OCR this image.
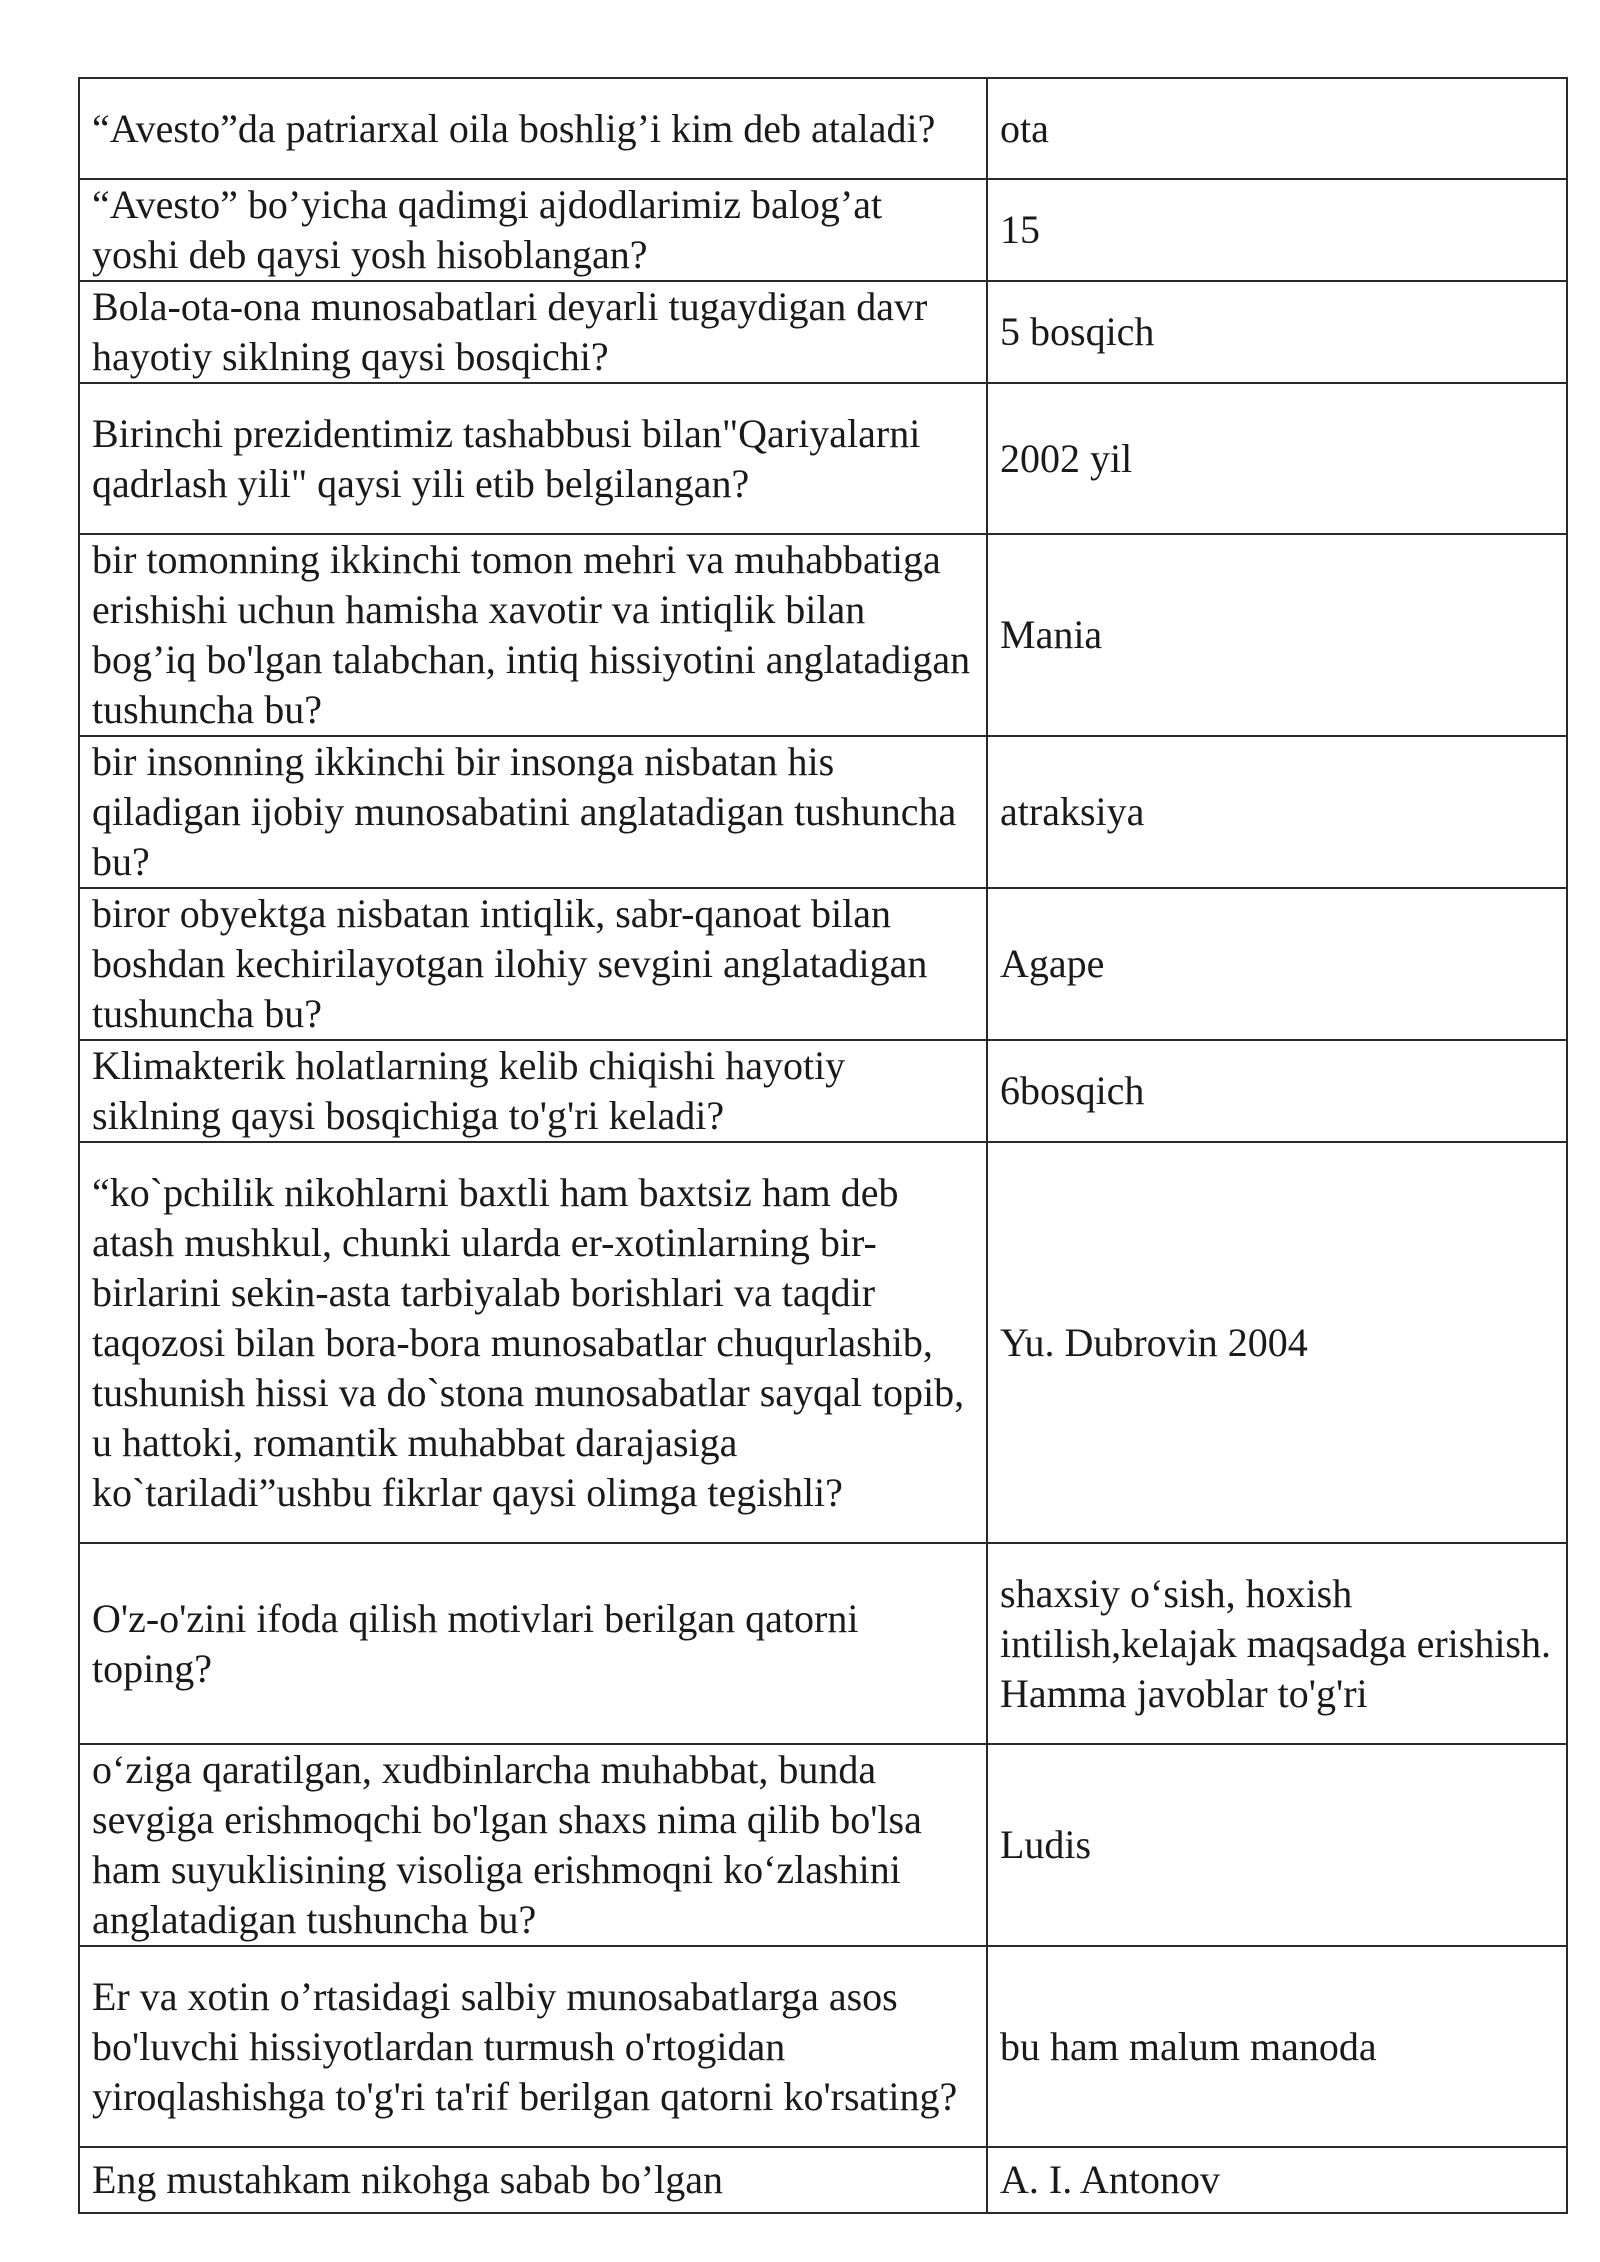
“Avesto”da patriarxal oila boshlig’i kim deb ataladi?	ota
“Avesto” bo’yicha qadimgi ajdodlarimiz balog’at yoshi deb qaysi yosh hisoblangan?	15
Bola-ota-ona munosabatlari deyarli tugaydigan davr hayotiy siklning qaysi bosqichi?	5 bosqich
Birinchi prezidentimiz tashabbusi bilan"Qariyalarni qadrlash yili" qaysi yili etib belgilangan?	2002 yil
bir tomonning ikkinchi tomon mehri va muhabbatiga erishishi uchun hamisha xavotir va intiqlik bilan bog’iq bo'lgan talabchan, intiq hissiyotini anglatadigan tushuncha bu?	Mania
bir insonning ikkinchi bir insonga nisbatan his qiladigan ijobiy munosabatini anglatadigan tushuncha bu?	atraksiya
biror obyektga nisbatan intiqlik, sabr-qanoat bilan boshdan kechirilayotgan ilohiy sevgini anglatadigan tushuncha bu?	Agape
Klimakterik holatlarning kelib chiqishi hayotiy siklning qaysi bosqichiga to'g'ri keladi?	6bosqich
“ko`pchilik nikohlarni baxtli ham baxtsiz ham deb atash mushkul, chunki ularda er-xotinlarning bir-birlarini sekin-asta tarbiyalab borishlari va taqdir taqozosi bilan bora-bora munosabatlar chuqurlashib, tushunish hissi va do`stona munosabatlar sayqal topib, u hattoki, romantik muhabbat darajasiga ko`tariladi”ushbu fikrlar qaysi olimga tegishli?	Yu. Dubrovin 2004
O'z-o'zini ifoda qilish motivlari berilgan qatorni toping?	shaxsiy o‘sish, hoxish intilish,kelajak maqsadga erishish. Hamma javoblar to'g'ri
o‘ziga qaratilgan, xudbinlarcha muhabbat, bunda sevgiga erishmoqchi bo'lgan shaxs nima qilib bo'lsa ham suyuklisining visoliga erishmoqni ko‘zlashini anglatadigan tushuncha bu?	Ludis
Er va xotin o’rtasidagi salbiy munosabatlarga asos bo'luvchi hissiyotlardan turmush o'rtogidan yiroqlashishga to'g'ri ta'rif berilgan qatorni ko'rsating?	bu ham malum manoda
Eng mustahkam nikohga sabab bo’lgan	A. I. Antonov
